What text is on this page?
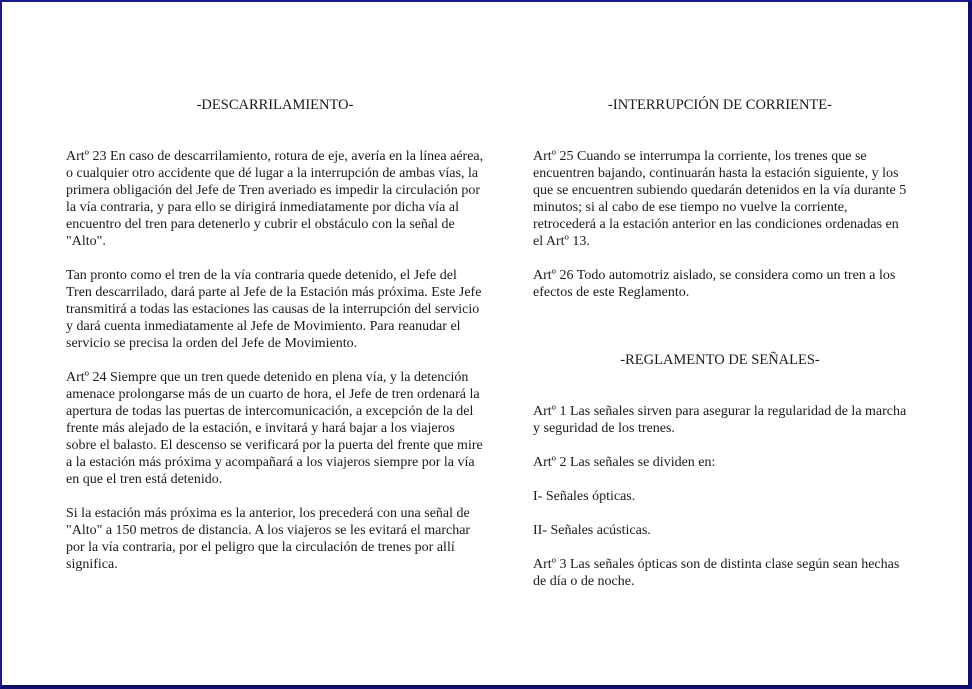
-DESCARRILAMIENTO-

Artº 23 En caso de descarrilamiento, rotura de eje, avería en la línea aérea, o cualquier otro accidente que dé lugar a la interrupción de ambas vías, la primera obligación del Jefe de Tren averiado es impedir la circulación por la vía contraria, y para ello se dirigirá inmediatamente por dicha vía al encuentro del tren para detenerlo y cubrir el obstáculo con la señal de "Alto".

Tan pronto como el tren de la vía contraria quede detenido, el Jefe del Tren descarrilado, dará parte al Jefe de la Estación más próxima. Este Jefe transmitirá a todas las estaciones las causas de la interrupción del servicio y dará cuenta inmediatamente al Jefe de Movimiento. Para reanudar el servicio se precisa la orden del Jefe de Movimiento.

Artº 24 Siempre que un tren quede detenido en plena vía, y la detención amenace prolongarse más de un cuarto de hora, el Jefe de tren ordenará la apertura de todas las puertas de intercomunicación, a excepción de la del frente más alejado de la estación, e invitará y hará bajar a los viajeros sobre el balasto. El descenso se verificará por la puerta del frente que mire a la estación más próxima y acompañará a los viajeros siempre por la vía en que el tren está detenido.

Si la estación más próxima es la anterior, los precederá con una señal de "Alto" a 150 metros de distancia. A los viajeros se les evitará el marchar por la vía contraria, por el peligro que la circulación de trenes por allí significa.

-INTERRUPCIÓN DE CORRIENTE-

Artº 25 Cuando se interrumpa la corriente, los trenes que se encuentren bajando, continuarán hasta la estación siguiente, y los que se encuentren subiendo quedarán detenidos en la vía durante 5 minutos; si al cabo de ese tiempo no vuelve la corriente, retrocederá a la estación anterior en las condiciones ordenadas en el Artº 13.

Artº 26 Todo automotriz aislado, se considera como un tren a los efectos de este Reglamento.

-REGLAMENTO DE SEÑALES-

Artº 1 Las señales sirven para asegurar la regularidad de la marcha y seguridad de los trenes.

Artº 2 Las señales se dividen en:

I- Señales ópticas.

II- Señales acústicas.

Artº 3 Las señales ópticas son de distinta clase según sean hechas de día o de noche.
